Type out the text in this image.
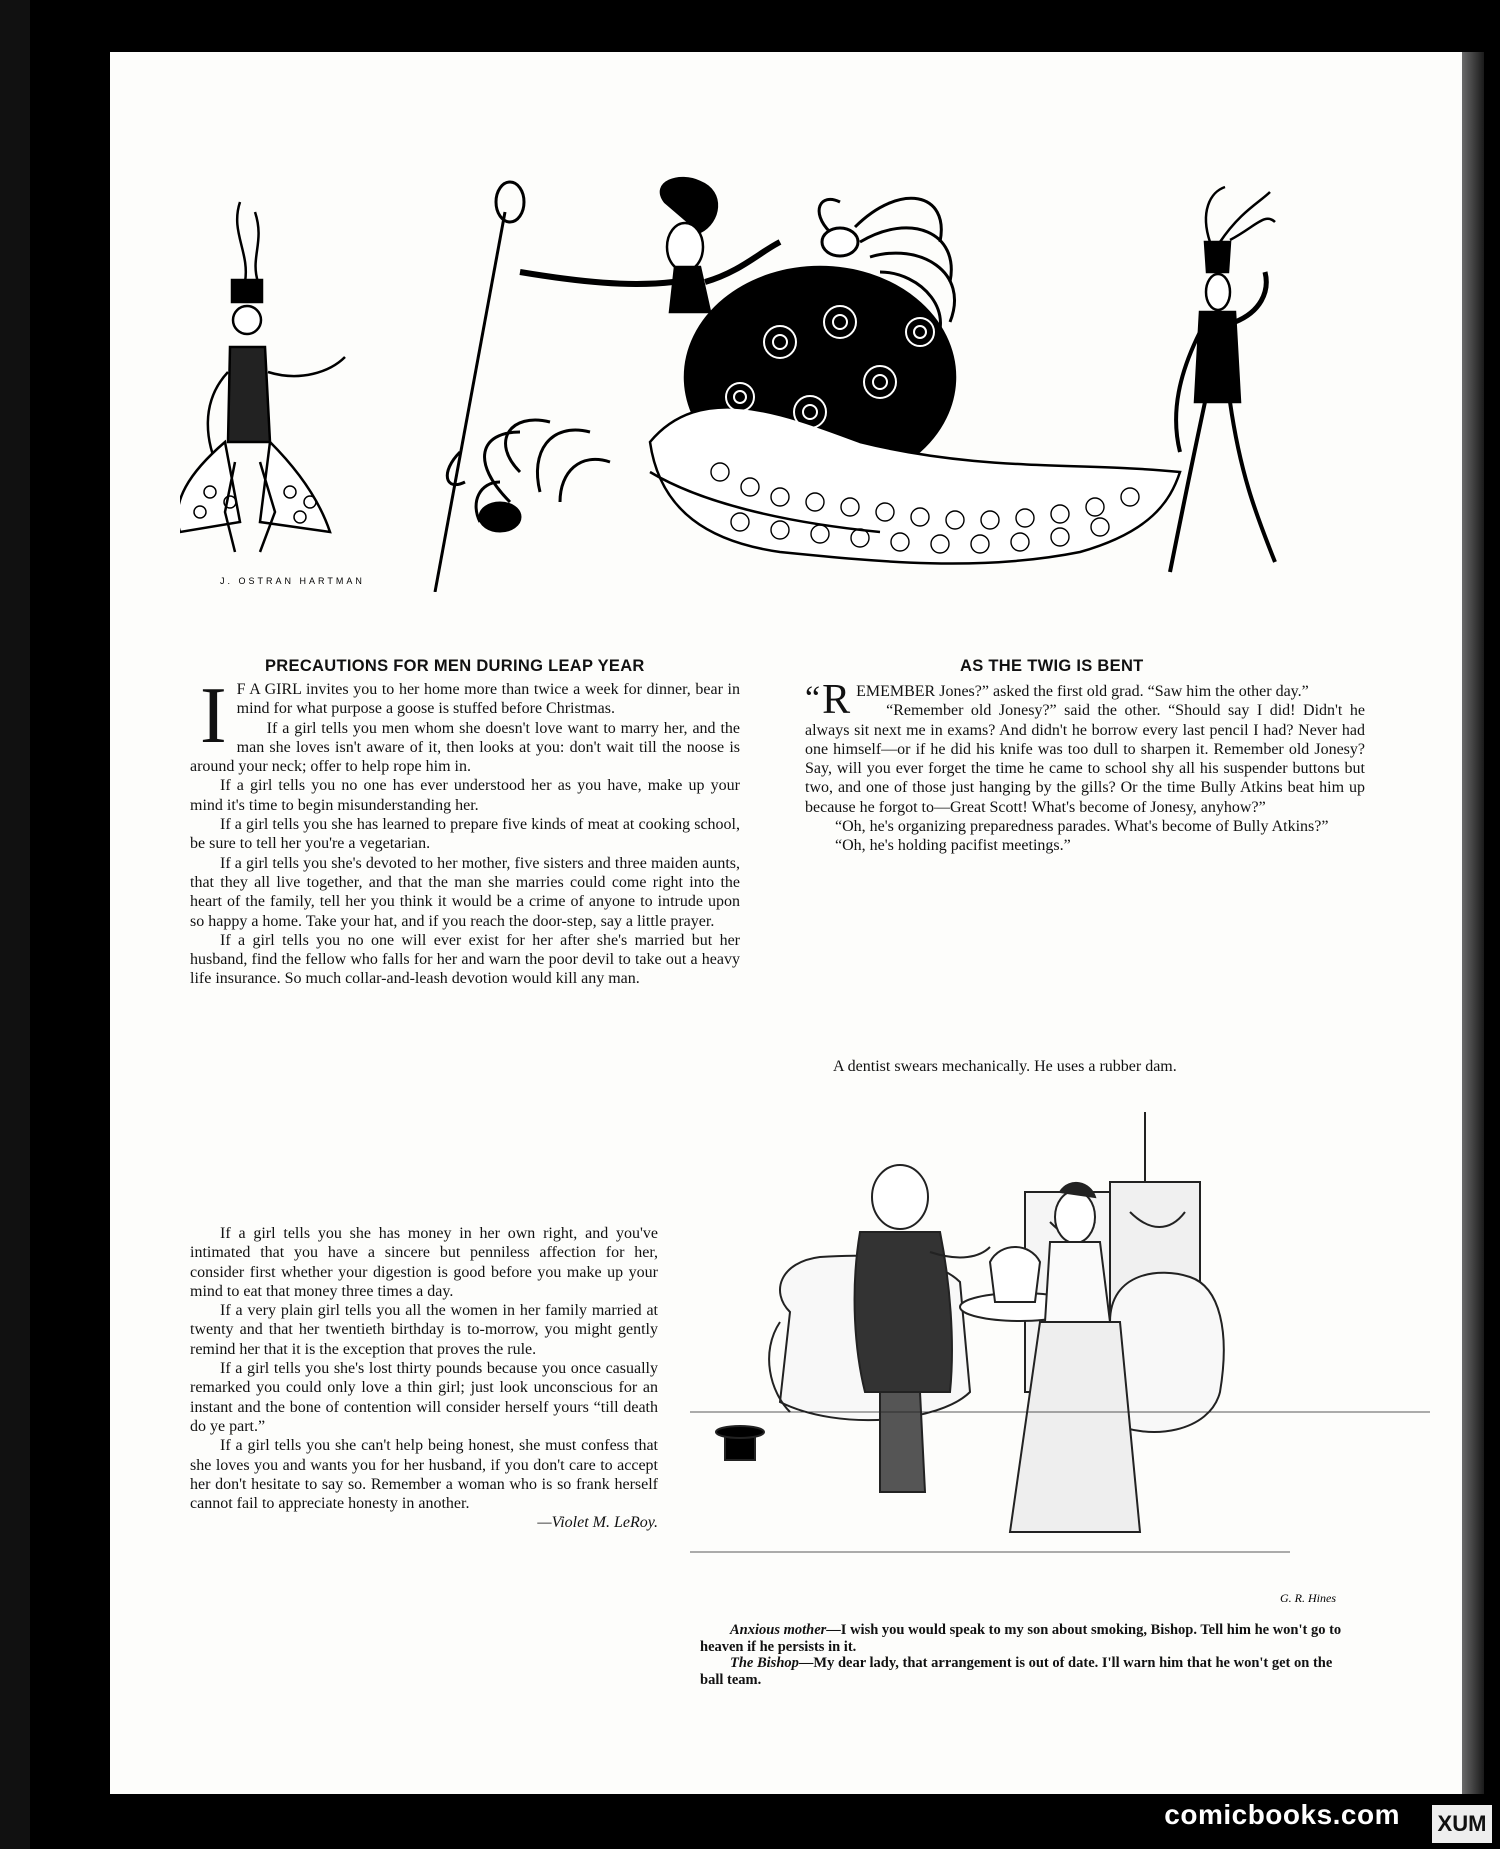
J. OSTRAN HARTMAN
PRECAUTIONS FOR MEN DURING LEAP YEAR
I F A GIRL invites you to her home more than twice a week for dinner, bear in mind for what purpose a goose is stuffed before Christmas.

If a girl tells you men whom she doesn't love want to marry her, and the man she loves isn't aware of it, then looks at you: don't wait till the noose is around your neck; offer to help rope him in.

If a girl tells you no one has ever understood her as you have, make up your mind it's time to begin misunderstanding her.

If a girl tells you she has learned to prepare five kinds of meat at cooking school, be sure to tell her you're a vegetarian.

If a girl tells you she's devoted to her mother, five sisters and three maiden aunts, that they all live together, and that the man she marries could come right into the heart of the family, tell her you think it would be a crime of anyone to intrude upon so happy a home. Take your hat, and if you reach the door-step, say a little prayer.

If a girl tells you no one will ever exist for her after she's married but her husband, find the fellow who falls for her and warn the poor devil to take out a heavy life insurance. So much collar-and-leash devotion would kill any man.

If a girl tells you she has money in her own right, and you've intimated that you have a sincere but penniless affection for her, consider first whether your digestion is good before you make up your mind to eat that money three times a day.

If a very plain girl tells you all the women in her family married at twenty and that her twentieth birthday is to-morrow, you might gently remind her that it is the exception that proves the rule.

If a girl tells you she's lost thirty pounds because you once casually remarked you could only love a thin girl; just look unconscious for an instant and the bone of contention will consider herself yours “till death do ye part.”

If a girl tells you she can't help being honest, she must confess that she loves you and wants you for her husband, if you don't care to accept her don't hesitate to say so. Remember a woman who is so frank herself cannot fail to appreciate honesty in another.

—Violet M. LeRoy.

AS THE TWIG IS BENT
“ R EMEMBER Jones?” asked the first old grad. “Saw him the other day.”

“Remember old Jonesy?” said the other. “Should say I did! Didn't he always sit next me in exams? And didn't he borrow every last pencil I had? Never had one himself—or if he did his knife was too dull to sharpen it. Remember old Jonesy? Say, will you ever forget the time he came to school shy all his suspender buttons but two, and one of those just hanging by the gills? Or the time Bully Atkins beat him up because he forgot to—Great Scott! What's become of Jonesy, anyhow?”

“Oh, he's organizing preparedness parades. What's become of Bully Atkins?”

“Oh, he's holding pacifist meetings.”

A dentist swears mechanically. He uses a rubber dam.
G. R. Hines
Anxious mother—I wish you would speak to my son about smoking, Bishop. Tell him he won't go to heaven if he persists in it.
The Bishop—My dear lady, that arrangement is out of date. I'll warn him that he won't get on the ball team.
comicbooks.com XUM
